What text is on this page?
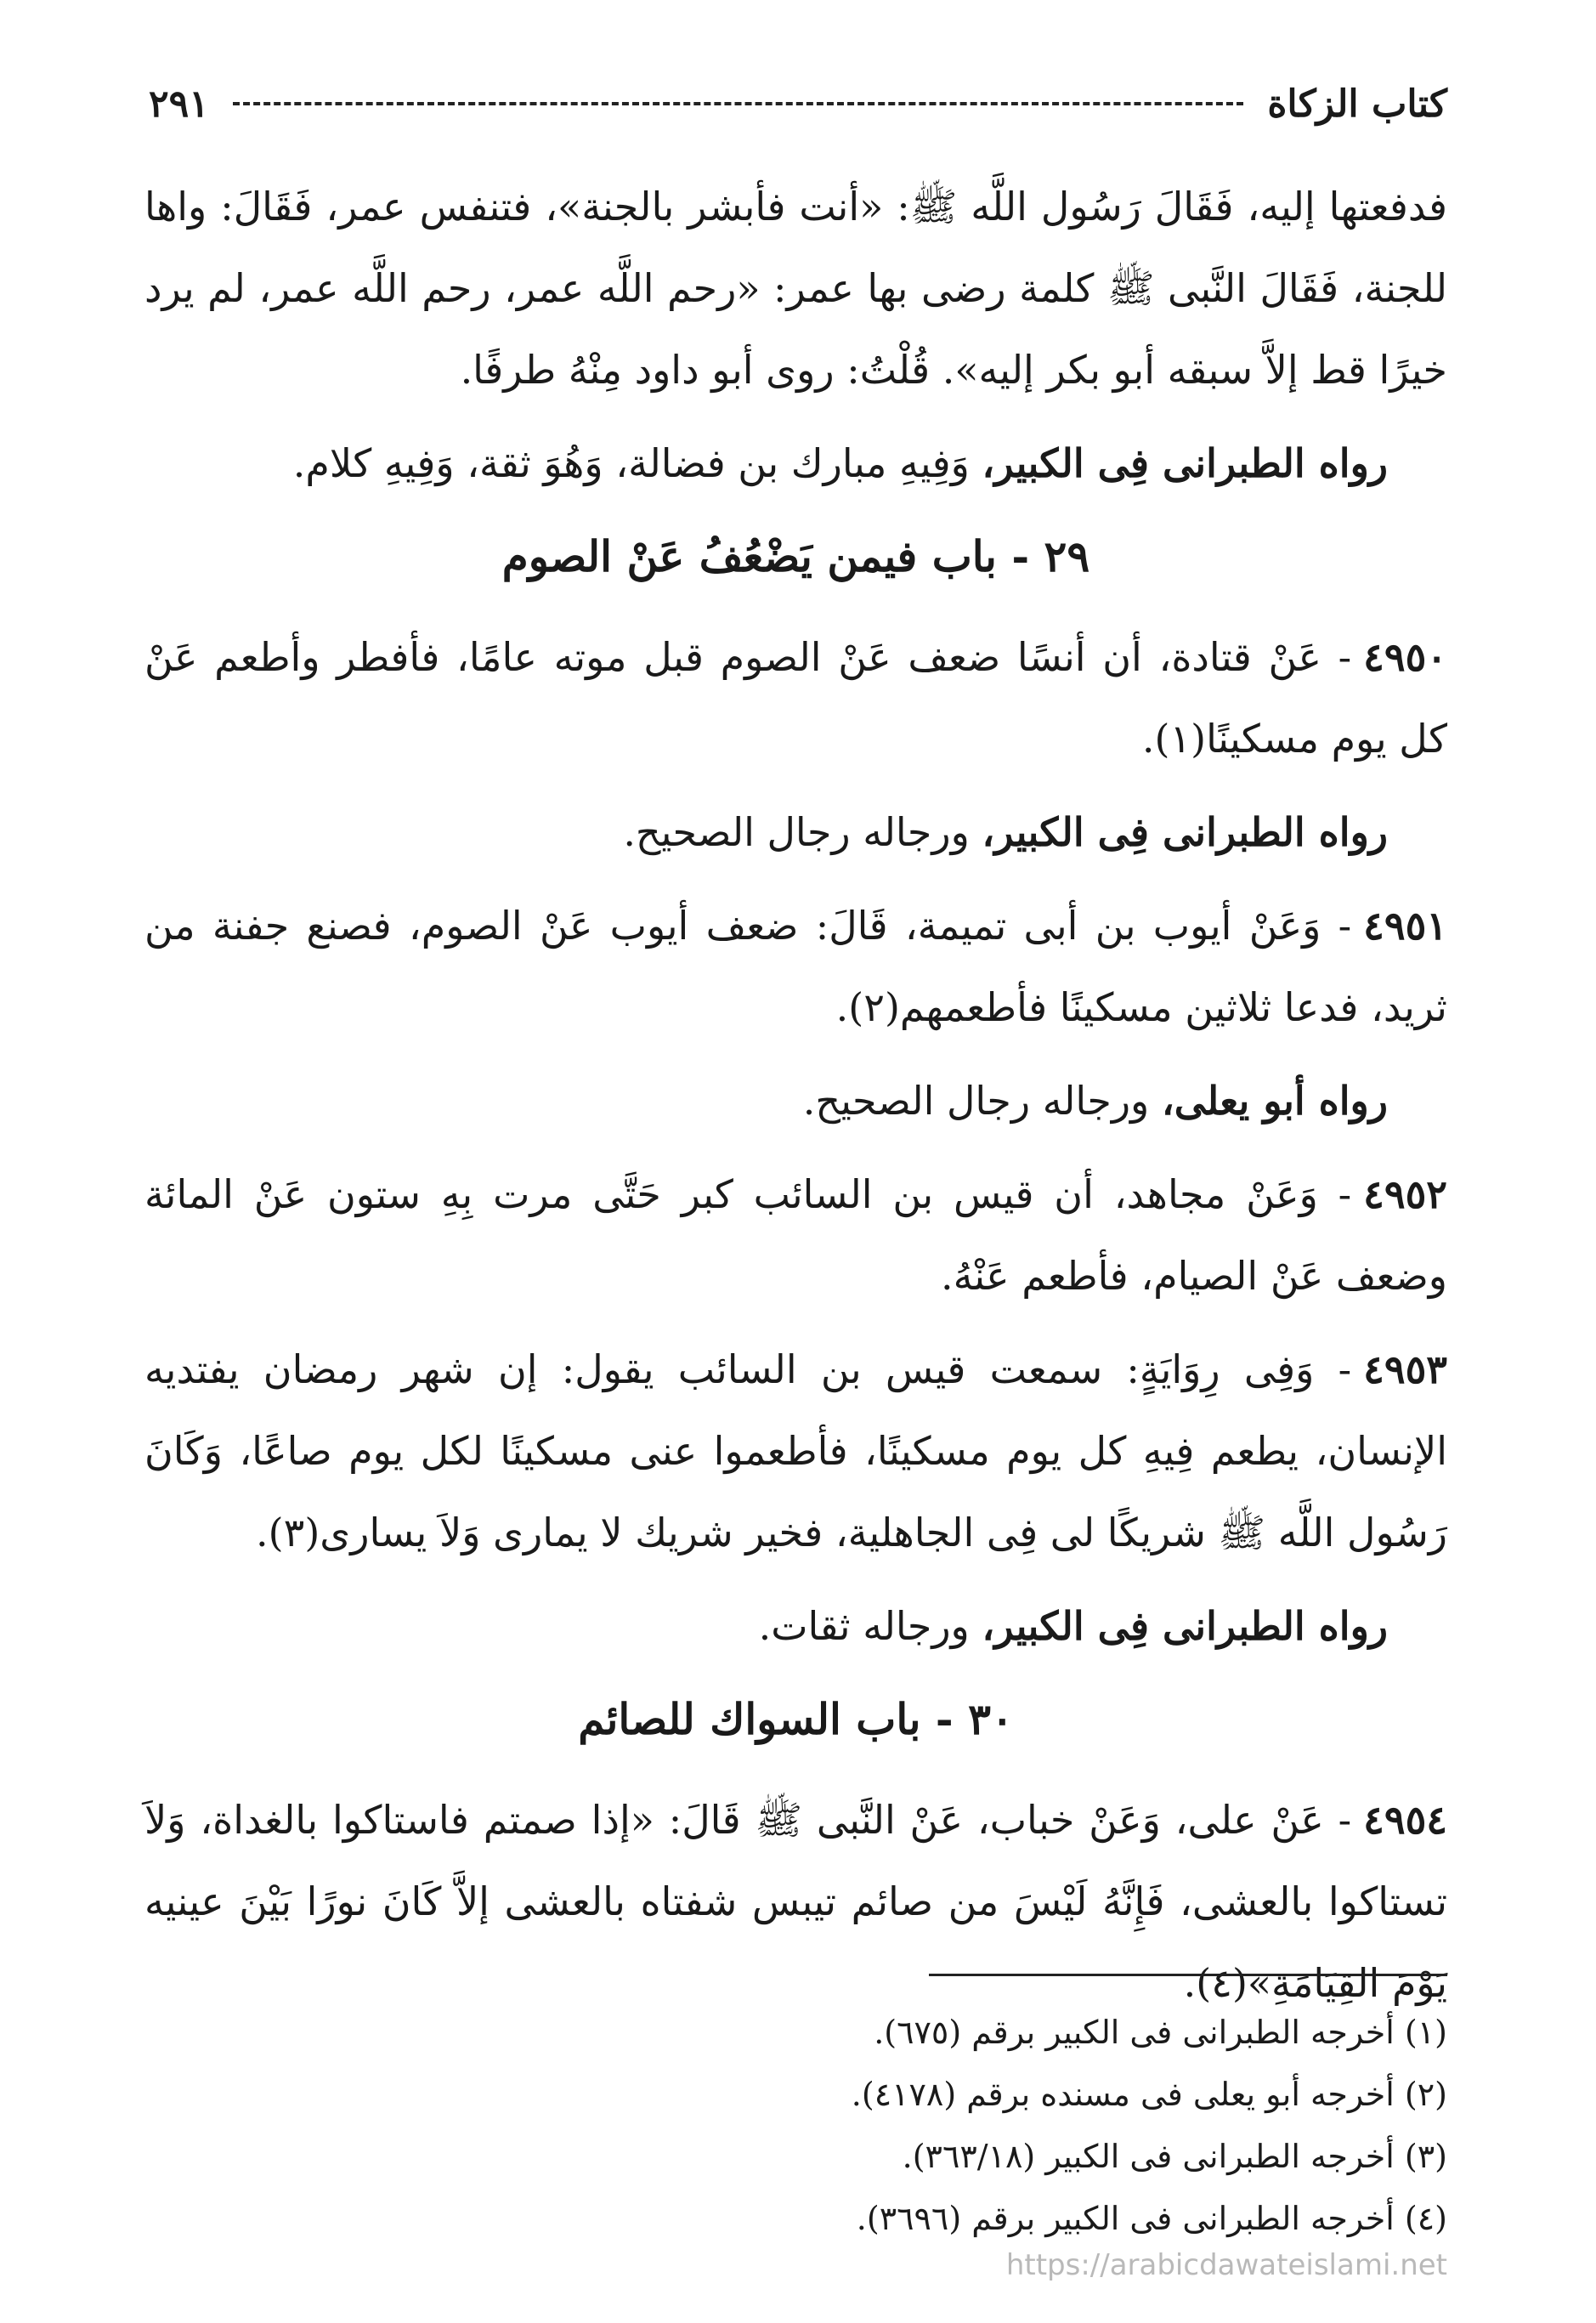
كتاب الزكاة
٢٩١

فدفعتها إليه، فَقَالَ رَسُول اللَّه ﷺ: «أنت فأبشر بالجنة»، فتنفس عمر، فَقَالَ: واها للجنة، فَقَالَ النَّبى ﷺ كلمة رضى بها عمر: «رحم اللَّه عمر، رحم اللَّه عمر، لم يرد خيرًا قط إلاَّ سبقه أبو بكر إليه». قُلْتُ: روى أبو داود مِنْهُ طرفًا.

رواه الطبرانى فِى الكبير، وَفِيهِ مبارك بن فضالة، وَهُوَ ثقة، وَفِيهِ كلام.

٢٩ - باب فيمن يَضْعُفُ عَنْ الصوم

٤٩٥٠- عَنْ قتادة، أن أنسًا ضعف عَنْ الصوم قبل موته عامًا، فأفطر وأطعم عَنْ كل يوم مسكينًا(١).

رواه الطبرانى فِى الكبير، ورجاله رجال الصحيح.

٤٩٥١- وَعَنْ أيوب بن أبى تميمة، قَالَ: ضعف أيوب عَنْ الصوم، فصنع جفنة من ثريد، فدعا ثلاثين مسكينًا فأطعمهم(٢).

رواه أبو يعلى، ورجاله رجال الصحيح.

٤٩٥٢- وَعَنْ مجاهد، أن قيس بن السائب كبر حَتَّى مرت بِهِ ستون عَنْ المائة وضعف عَنْ الصيام، فأطعم عَنْهُ.

٤٩٥٣- وَفِى رِوَايَةٍ: سمعت قيس بن السائب يقول: إن شهر رمضان يفتديه الإنسان، يطعم فِيهِ كل يوم مسكينًا، فأطعموا عنى مسكينًا لكل يوم صاعًا، وَكَانَ رَسُول اللَّه ﷺ شريكًا لى فِى الجاهلية، فخير شريك لا يمارى وَلاَ يسارى(٣).

رواه الطبرانى فِى الكبير، ورجاله ثقات.

٣٠ - باب السواك للصائم

٤٩٥٤- عَنْ على، وَعَنْ خباب، عَنْ النَّبى ﷺ قَالَ: «إذا صمتم فاستاكوا بالغداة، وَلاَ تستاكوا بالعشى، فَإِنَّهُ لَيْسَ من صائم تيبس شفتاه بالعشى إلاَّ كَانَ نورًا بَيْنَ عينيه يَوْمَ القِيَامَةِ»(٤).

(١) أخرجه الطبرانى فى الكبير برقم (٦٧٥).

(٢) أخرجه أبو يعلى فى مسنده برقم (٤١٧٨).

(٣) أخرجه الطبرانى فى الكبير (٣٦٣/١٨).

(٤) أخرجه الطبرانى فى الكبير برقم (٣٦٩٦).

https://arabicdawateislami.net
